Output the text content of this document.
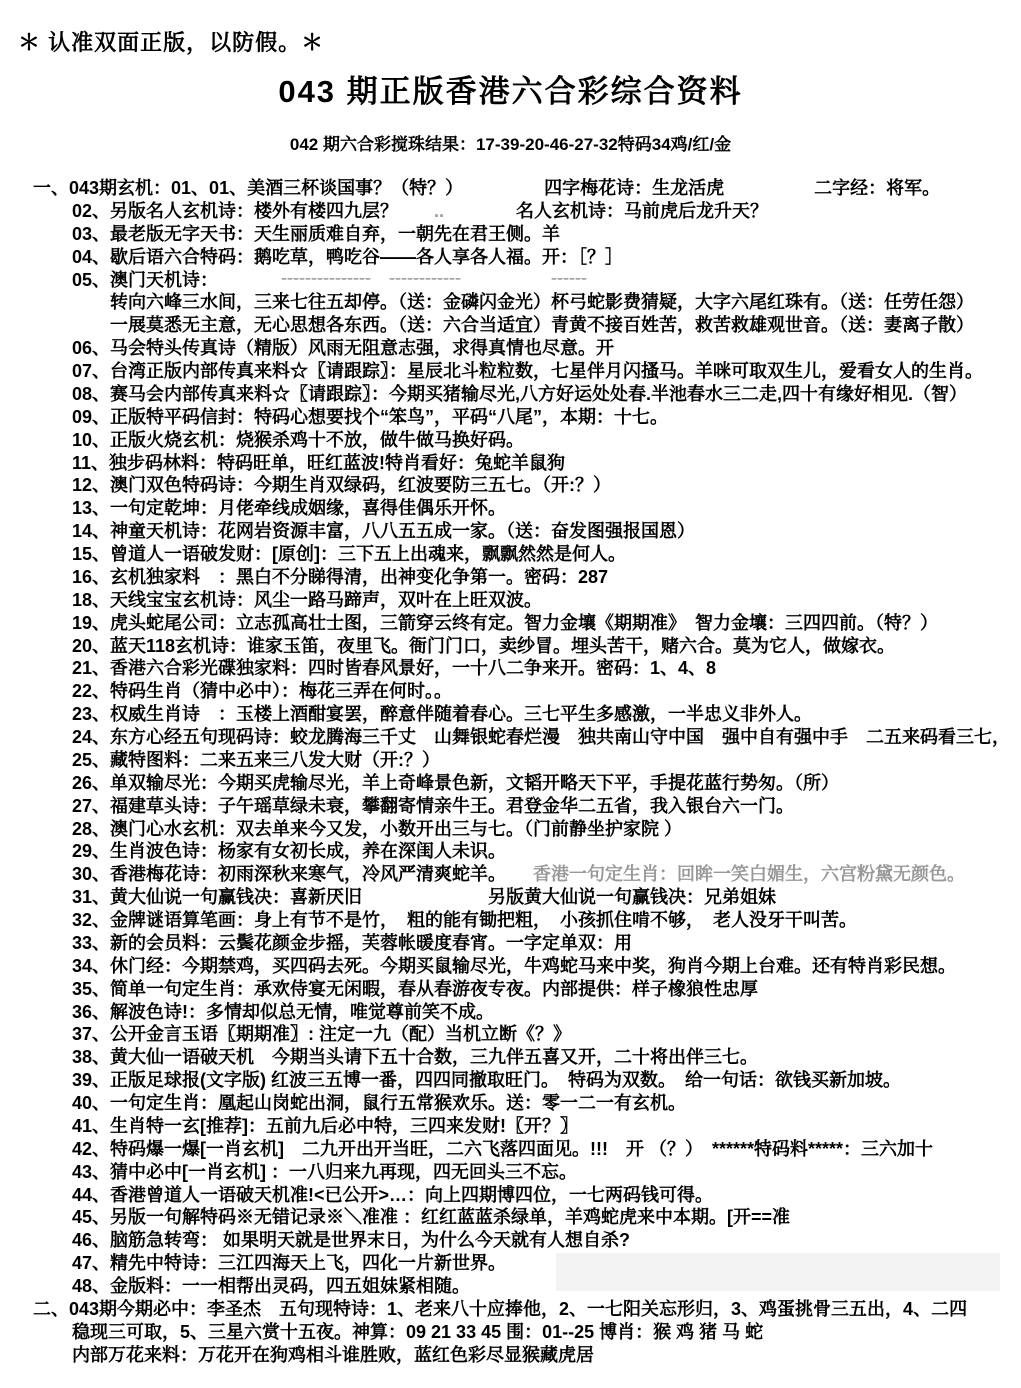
＊ 认准双面正版，以防假。＊
043 期正版香港六合彩综合资料
042 期六合彩搅珠结果：17-39-20-46-27-32特码34鸡/红/金
一、043期玄机：01、01、美酒三杯谈国事？（特？）　　　　　四字梅花诗：生龙活虎　　　　　二字经：将军。
02、另版名人玄机诗：楼外有楼四九层？　　..　　　　名人玄机诗：马前虎后龙升天？
03、最老版无字天书：天生丽质难自弃，一朝先在君王侧。羊
04、歇后语六合特码：鹅吃草，鸭吃谷——各人享各人福。开：［？］
05、澳门天机诗：　　　　┄┄┄┄┄　┄┄┄┄　　　　　┄┄
转向六峰三水间，三来七往五却停。（送：金磷闪金光）杯弓蛇影费猜疑，大字六尾红珠有。（送：任劳任怨）
一展莫悉无主意，无心思想各东西。（送：六合当适宜）青黄不接百姓苦，救苦救雄观世音。（送：妻离子散）
06、马会特头传真诗（精版）风雨无阻意志强，求得真情也尽意。开
07、台湾正版内部传真来料☆〖请跟踪〗：星辰北斗粒粒数，七星伴月闪搔马。羊咪可取双生儿，爱看女人的生肖。
08、赛马会内部传真来料☆〖请跟踪〗：今期买猪输尽光,八方好运处处春.半池春水三二走,四十有缘好相见.（智）
09、正版特平码信封：特码心想要找个“笨鸟”，平码“八尾”，本期：十七。
10、正版火烧玄机：烧猴杀鸡十不放，做牛做马换好码。
11、独步码林料：特码旺单，旺红蓝波!特肖看好：兔蛇羊鼠狗
12、澳门双色特码诗：今期生肖双绿码，红波要防三五七。（开:？）
13、一句定乾坤：月佬牵线成姻缘，喜得佳偶乐开怀。
14、神童天机诗：花网岩资源丰富，八八五五成一家。（送：奋发图强报国恩）
15、曾道人一语破发财：[原创]：三下五上出魂来，飘飘然然是何人。
16、玄机独家料　：黑白不分睇得清，出神变化争第一。密码：287
18、天线宝宝玄机诗：风尘一路马蹄声，双叶在上旺双波。
19、虎头蛇尾公司：立志孤高壮士图，三箭穿云终有定。智力金壤《期期准》　智力金壤：三四四前。（特？）
20、蓝天118玄机诗：谁家玉笛，夜里飞。衙门门口，卖纱冒。埋头苦干，赌六合。莫为它人，做嫁衣。
21、香港六合彩光碟独家料：四时皆春风景好，一十八二争来开。密码：1、4、8
22、特码生肖（猜中必中）：梅花三弄在何时。。
23、权威生肖诗　：玉楼上酒酣宴罢，醉意伴随着春心。三七平生多感激，一半忠义非外人。
24、东方心经五句现码诗：蛟龙腾海三千丈　山舞银蛇春烂漫　独共南山守中国　强中自有强中手　二五来码看三七，
25、藏特图料：二来五来三八发大财（开:？）
26、单双输尽光：今期买虎输尽光，羊上奇峰景色新，文韬开略天下平，手提花蓝行势匆。（所）
27、福建草头诗：子午瑶草绿未衰，攀翻寄情亲牛王。君登金华二五省，我入银台六一门。
28、澳门心水玄机：双去单来今又发，小数开出三与七。（门前静坐护家院 ）
29、生肖波色诗：杨家有女初长成，养在深闺人未识。
30、香港梅花诗：初雨深秋来寒气，冷风严清爽蛇羊。　　香港一句定生肖：回眸一笑白媚生，六宫粉黛无颜色。
31、黄大仙说一句赢钱决：喜新厌旧　　　　　　　另版黄大仙说一句赢钱决：兄弟姐妹
32、金牌谜语算笔画：身上有节不是竹，　粗的能有锄把粗，　小孩抓住啃不够，　老人没牙干叫苦。
33、新的会员料：云鬓花颜金步摇，芙蓉帐暖度春宵。一字定单双：用
34、休门经：今期禁鸡，买四码去死。今期买鼠输尽光，牛鸡蛇马来中奖，狗肖今期上台难。还有特肖彩民想。
35、简单一句定生肖：承欢侍宴无闲暇，春从春游夜专夜。内部提供：样子橡狼性忠厚
36、解波色诗!：多情却似总无情，唯觉尊前笑不成。
37、公开金言玉语〖期期准〗: 注定一九（配）当机立断《？》
38、黄大仙一语破天机　今期当头请下五十合数，三九伴五喜又开，二十将出伴三七。
39、正版足球报(文字版) 红波三五博一番，四四同撤取旺门。　特码为双数。　给一句话：欲钱买新加坡。
40、一句定生肖：凰起山岗蛇出洞，鼠行五常猴欢乐。送：零一二一有玄机。
41、生肖特一玄[推荐]：五前九后必中特，三四来发财!〖开？〗
42、特码爆一爆[一肖玄机]　二九开出开当旺，二六飞落四面见。!!!　开 （？）　******特码料*****：三六加十
43、猜中必中[一肖玄机] ：一八归来九再现，四无回头三不忘。
44、香港曾道人一语破天机准!<已公开>…：向上四期博四位，一七两码钱可得。
45、另版一句解特码※无错记录※＼准准 ：红红蓝蓝杀绿单，羊鸡蛇虎来中本期。[开==准
46、脑筋急转弯： 如果明天就是世界末日，为什么今天就有人想自杀?
47、精先中特诗：三江四海天上飞，四化一片新世界。
48、金版料：一一相帮出灵码，四五姐妹紧相随。
二、043期今期必中：李圣杰　五句现特诗：1、老来八十应捧他，2、一七阳关忘形归，3、鸡蛋挑骨三五出，4、二四
稳现三可取，5、三星六赏十五夜。神算：09 21 33 45 围：01--25 博肖：猴 鸡 猪 马 蛇
内部万花来料：万花开在狗鸡相斗谁胜败，蓝红色彩尽显猴藏虎居
